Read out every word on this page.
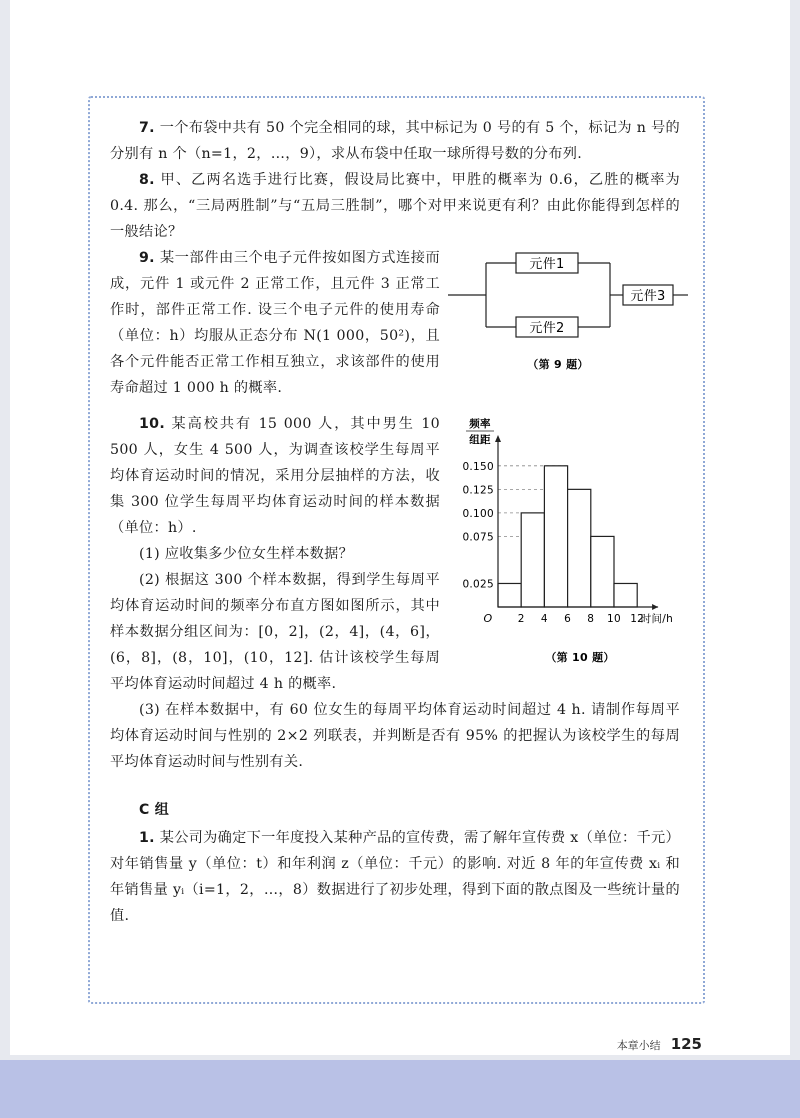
7. 一个布袋中共有 50 个完全相同的球，其中标记为 0 号的有 5 个，标记为 n 号的分别有 n 个（n=1，2，…，9），求从布袋中任取一球所得号数的分布列.

8. 甲、乙两名选手进行比赛，假设局比赛中，甲胜的概率为 0.6，乙胜的概率为 0.4. 那么，“三局两胜制”与“五局三胜制”，哪个对甲来说更有利？由此你能得到怎样的一般结论？

9. 某一部件由三个电子元件按如图方式连接而成，元件 1 或元件 2 正常工作，且元件 3 正常工作时，部件正常工作. 设三个电子元件的使用寿命（单位：h）均服从正态分布 N(1 000，50²)，且各个元件能否正常工作相互独立，求该部件的使用寿命超过 1 000 h 的概率.

元件1
元件2
元件3
（第 9 题）

10. 某高校共有 15 000 人，其中男生 10 500 人，女生 4 500 人，为调查该校学生每周平均体育运动时间的情况，采用分层抽样的方法，收集 300 位学生每周平均体育运动时间的样本数据（单位：h）.

(1) 应收集多少位女生样本数据？

(2) 根据这 300 个样本数据，得到学生每周平均体育运动时间的频率分布直方图如图所示，其中样本数据分组区间为：[0，2]，(2，4]，(4，6]，(6，8]，(8，10]，(10，12]. 估计该校学生每周平均体育运动时间超过 4 h 的概率.

0.150
0.125
0.100
0.075
0.025
2 4 6 8 10 12
O	时间/h
频率
组距
（第 10 题）

(3) 在样本数据中，有 60 位女生的每周平均体育运动时间超过 4 h. 请制作每周平均体育运动时间与性别的 2×2 列联表，并判断是否有 95% 的把握认为该校学生的每周平均体育运动时间与性别有关.

C 组

1. 某公司为确定下一年度投入某种产品的宣传费，需了解年宣传费 x（单位：千元）对年销售量 y（单位：t）和年利润 z（单位：千元）的影响. 对近 8 年的年宣传费 xᵢ 和年销售量 yᵢ（i=1，2，…，8）数据进行了初步处理，得到下面的散点图及一些统计量的值.

本章小结 125
